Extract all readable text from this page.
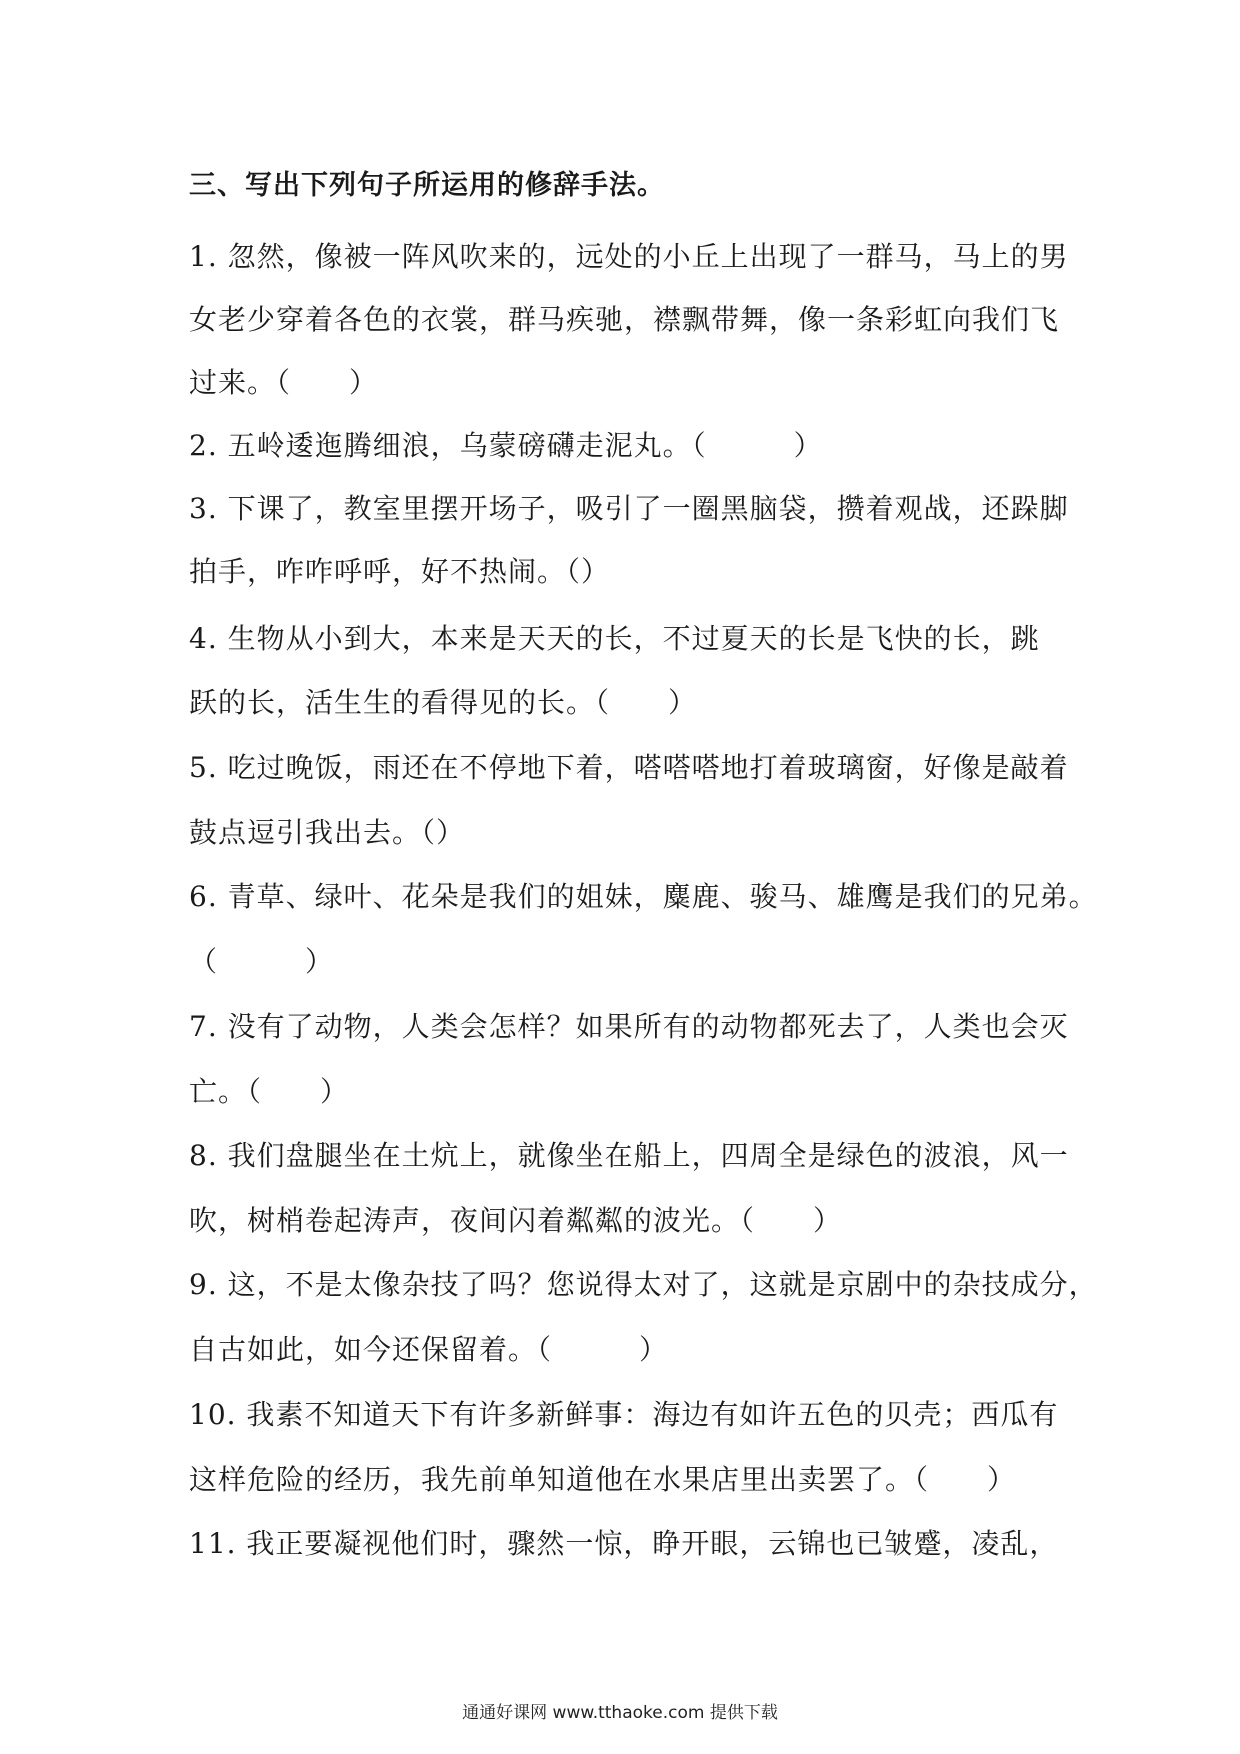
三、写出下列句子所运用的修辞手法。
1. 忽然，像被一阵风吹来的，远处的小丘上出现了一群马，马上的男
女老少穿着各色的衣裳，群马疾驰，襟飘带舞，像一条彩虹向我们飞
过来。（　　）
2. 五岭逶迤腾细浪，乌蒙磅礴走泥丸。（　　　）
3. 下课了，教室里摆开场子，吸引了一圈黑脑袋，攒着观战，还跺脚
拍手，咋咋呼呼，好不热闹。（）
4. 生物从小到大，本来是天天的长，不过夏天的长是飞快的长，跳
跃的长，活生生的看得见的长。（　　）
5. 吃过晚饭，雨还在不停地下着，嗒嗒嗒地打着玻璃窗，好像是敲着
鼓点逗引我出去。（）
6. 青草、绿叶、花朵是我们的姐妹，麋鹿、骏马、雄鹰是我们的兄弟。
（　　　）
7. 没有了动物，人类会怎样？如果所有的动物都死去了，人类也会灭
亡。（　　）
8. 我们盘腿坐在土炕上，就像坐在船上，四周全是绿色的波浪，风一
吹，树梢卷起涛声，夜间闪着粼粼的波光。（　　）
9. 这，不是太像杂技了吗？您说得太对了，这就是京剧中的杂技成分，
自古如此，如今还保留着。（　　　）
10. 我素不知道天下有许多新鲜事：海边有如许五色的贝壳；西瓜有
这样危险的经历，我先前单知道他在水果店里出卖罢了。（　　）
11. 我正要凝视他们时，骤然一惊，睁开眼，云锦也已皱蹙，凌乱，
通通好课网 www.tthaoke.com 提供下载
